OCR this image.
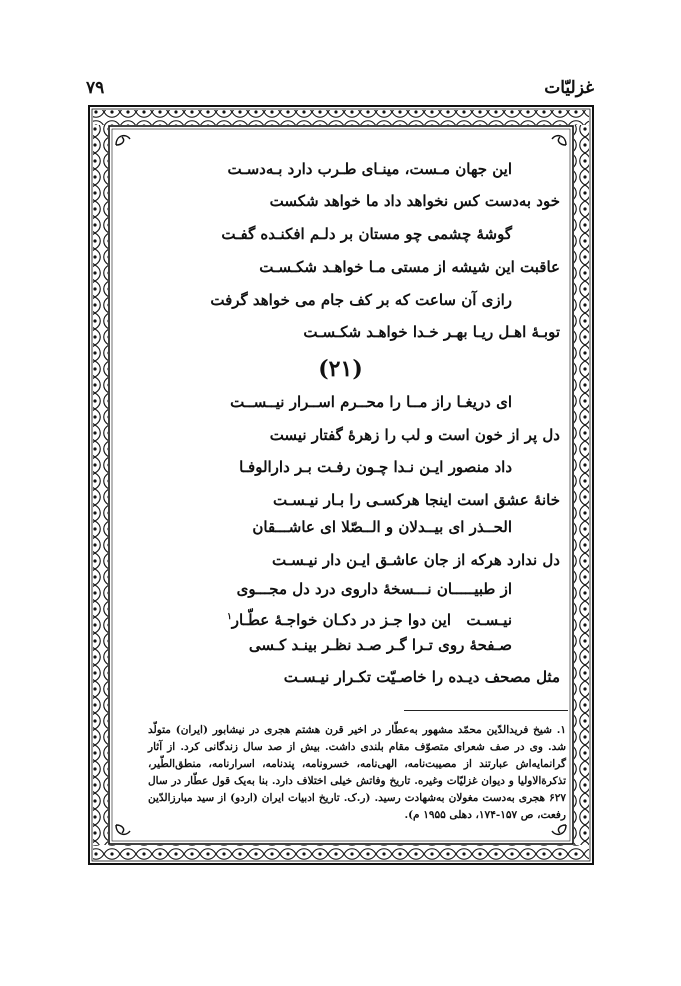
غزلیّات
۷۹
این جهان مـست، مینـای طـرب دارد بـه‌دسـت
خود به‌دست کس نخواهد داد ما خواهد شکست
گوشهٔ چشمی چو مستان بر دلـم افکنـده گفـت
عاقبت این شیشه از مستی مـا خواهـد شکـسـت
رازی آن ساعت که بر کف جام می خواهد گرفت
توبـهٔ اهـل ریـا بهـر خـدا خواهـد شکـسـت
(۲۱)
ای دریغـا راز مــا را محــرم اســرار نیــســت
دل پر از خون است و لب را زهرهٔ گفتار نیست
داد منصور ایـن نـدا چـون رفـت بـر دارالوفـا
خانهٔ عشق است اینجا هرکسـی را بـار نیـسـت
الحــذر ای بیــدلان و الــصّلا ای عاشـــقان
دل ندارد هرکه از جان عاشـق ایـن دار نیـسـت
از طبیـــــان نـــسخهٔ داروی درد دل مجـــوی
این دوا جـز در دکـان خواجـهٔ عطّـار$^۱$	نیـسـت
صـفحهٔ روی تـرا گـر صـد نظـر بینـد کـسی
مثل مصحف دیـده را خاصـیّت تکـرار نیـسـت
۱. شیخ فریدالدّین محمّد مشهور به‌عطّار در اخیر قرن هشتم هجری در نیشابور (ایران) متولّد شد. وی در صف شعرای متصوّف مقام بلندی داشت. بیش از صد سال زندگانی کرد. از آثار گرانمایه‌اش عبارتند از مصیبت‌نامه، الهی‌نامه، خسرونامه، پندنامه، اسرارنامه، منطق‌الطّیر، تذکرةالاولیا و دیوان غزلیّات وغیره. تاریخ وفاتش خیلی اختلاف دارد. بنا به‌یک قول عطّار در سال ۶۲۷ هجری به‌دست مغولان به‌شهادت رسید. (ر.ک. تاریخ ادبیات ایران (اردو) از سید مبارزالدّین رفعت، ص ۱۵۷-۱۷۴، دهلی ۱۹۵۵ م).
